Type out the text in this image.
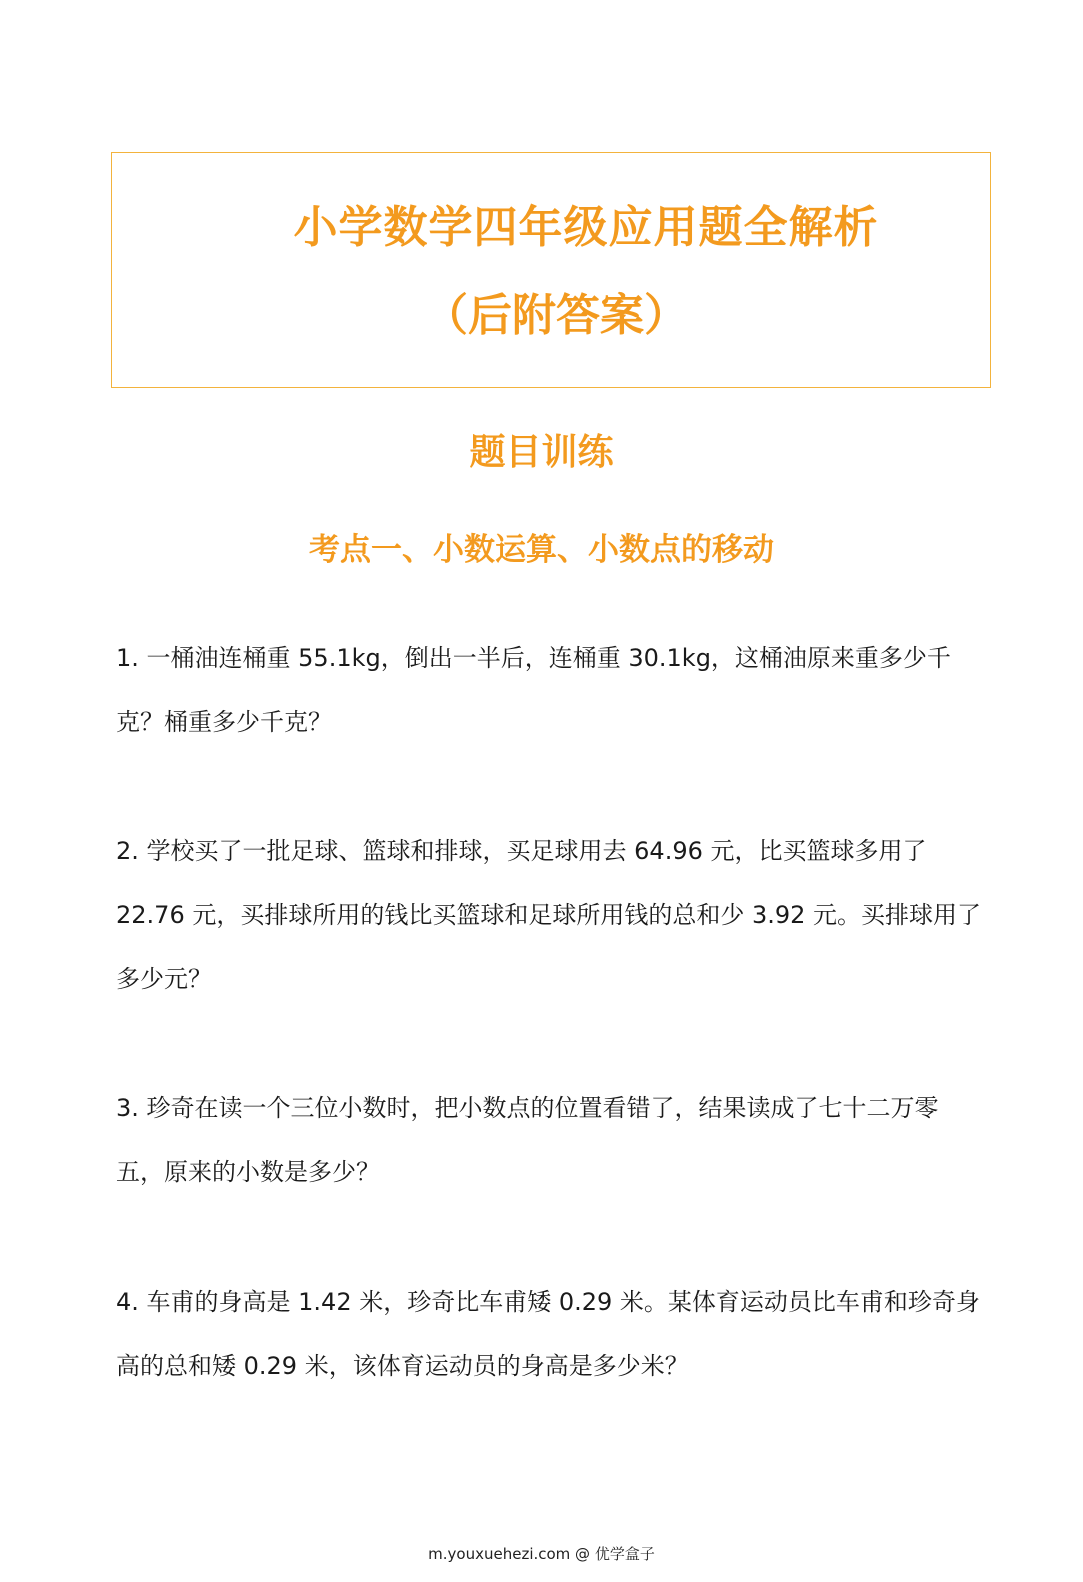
小学数学四年级应用题全解析
（后附答案）
题目训练
考点一、小数运算、小数点的移动
1. 一桶油连桶重 55.1kg，倒出一半后，连桶重 30.1kg，这桶油原来重多少千克？桶重多少千克？
2. 学校买了一批足球、篮球和排球，买足球用去 64.96 元，比买篮球多用了 22.76 元，买排球所用的钱比买篮球和足球所用钱的总和少 3.92 元。买排球用了多少元？
3. 珍奇在读一个三位小数时，把小数点的位置看错了，结果读成了七十二万零五，原来的小数是多少？
4. 车甫的身高是 1.42 米，珍奇比车甫矮 0.29 米。某体育运动员比车甫和珍奇身高的总和矮 0.29 米，该体育运动员的身高是多少米？
m.youxuehezi.com @ 优学盒子
